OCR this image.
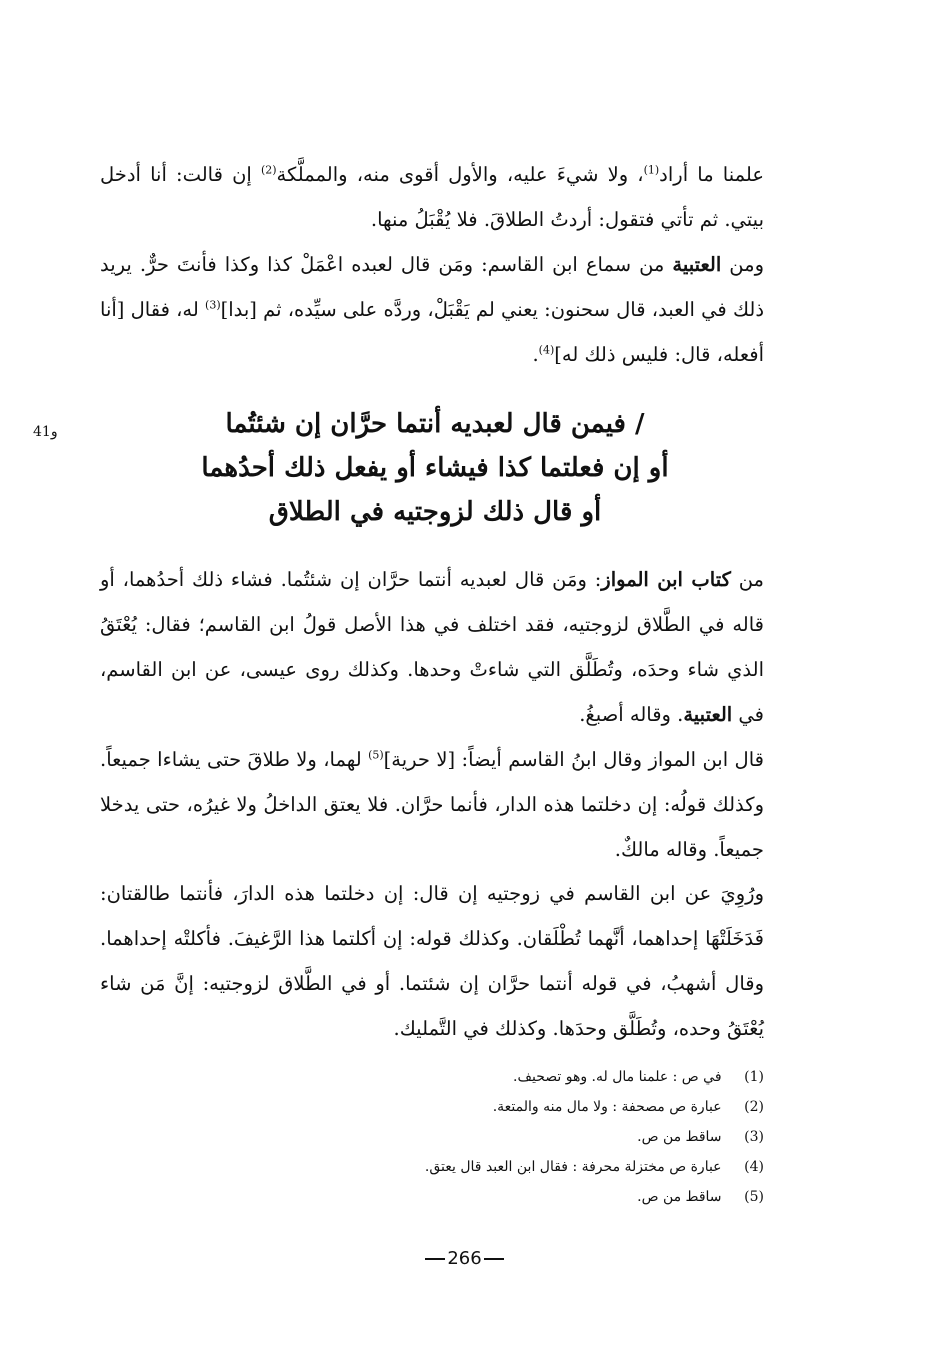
علمنا ما أراد$^{(1)}$، ولا شيءَ عليه، والأول أقوى منه، والمملَّكة$^{(2)}$ إن قالت: أنا أدخل بيتي. ثم تأتي فتقول: أردتُ الطلاقَ. فلا يُقْبَلُ منها.

ومن العتبية من سماع ابن القاسم: ومَن قال لعبده اعْمَلْ كذا وكذا فأنتَ حرٌّ. يريد ذلك في العبد، قال سحنون: يعني لم يَقْبَلْ، وردَّه على سيِّده، ثم [بدا]$^{(3)}$ له، فقال [أنا أفعله، قال: فليس ذلك له]$^{(4)}$.

و41	/ فيمن قال لعبديه أنتما حرَّان إن شئتُما
أو إن فعلتما كذا فيشاء أو يفعل ذلك أحدُهما
أو قال ذلك لزوجتيه في الطلاق

من كتاب ابن المواز: ومَن قال لعبديه أنتما حرَّان إن شئتُما. فشاء ذلك أحدُهما، أو قاله في الطَّلاق لزوجتيه، فقد اختلف في هذا الأصل قولُ ابن القاسم؛ فقال: يُعْتَقُ الذي شاء وحدَه، وتُطَلَّق التي شاءتْ وحدها. وكذلك روى عيسى، عن ابن القاسم، في العتبية. وقاله أصبغُ.

قال ابن المواز وقال ابنُ القاسم أيضاً: [لا حرية]$^{(5)}$ لهما، ولا طلاقَ حتى يشاءا جميعاً. وكذلك قولُه: إن دخلتما هذه الدار، فأنما حرَّان. فلا يعتق الداخلُ ولا غيرُه، حتى يدخلا جميعاً. وقاله مالكٌ.

ورُوِيَ عن ابن القاسم في زوجتيه إن قال: إن دخلتما هذه الدارَ، فأنتما طالقتان: فَدَخَلَتْهَا إحداهما، أنَّهما تُطْلَقان. وكذلك قوله: إن أكلتما هذا الرَّغيفَ. فأكلتْه إحداهما. وقال أشهبُ، في قوله أنتما حرَّان إن شئتما. أو في الطَّلاق لزوجتيه: إنَّ مَن شاء يُعْتَقُ وحده، وتُطَلَّق وحدَها. وكذلك في التَّمليك.

(1) في ص : علمنا مال له. وهو تصحيف.
(2) عبارة ص مصحفة : ولا مال منه والمتعة.
(3) ساقط من ص.
(4) عبارة ص مختزلة محرفة : فقال ابن العبد قال يعتق.
(5) ساقط من ص.
266
